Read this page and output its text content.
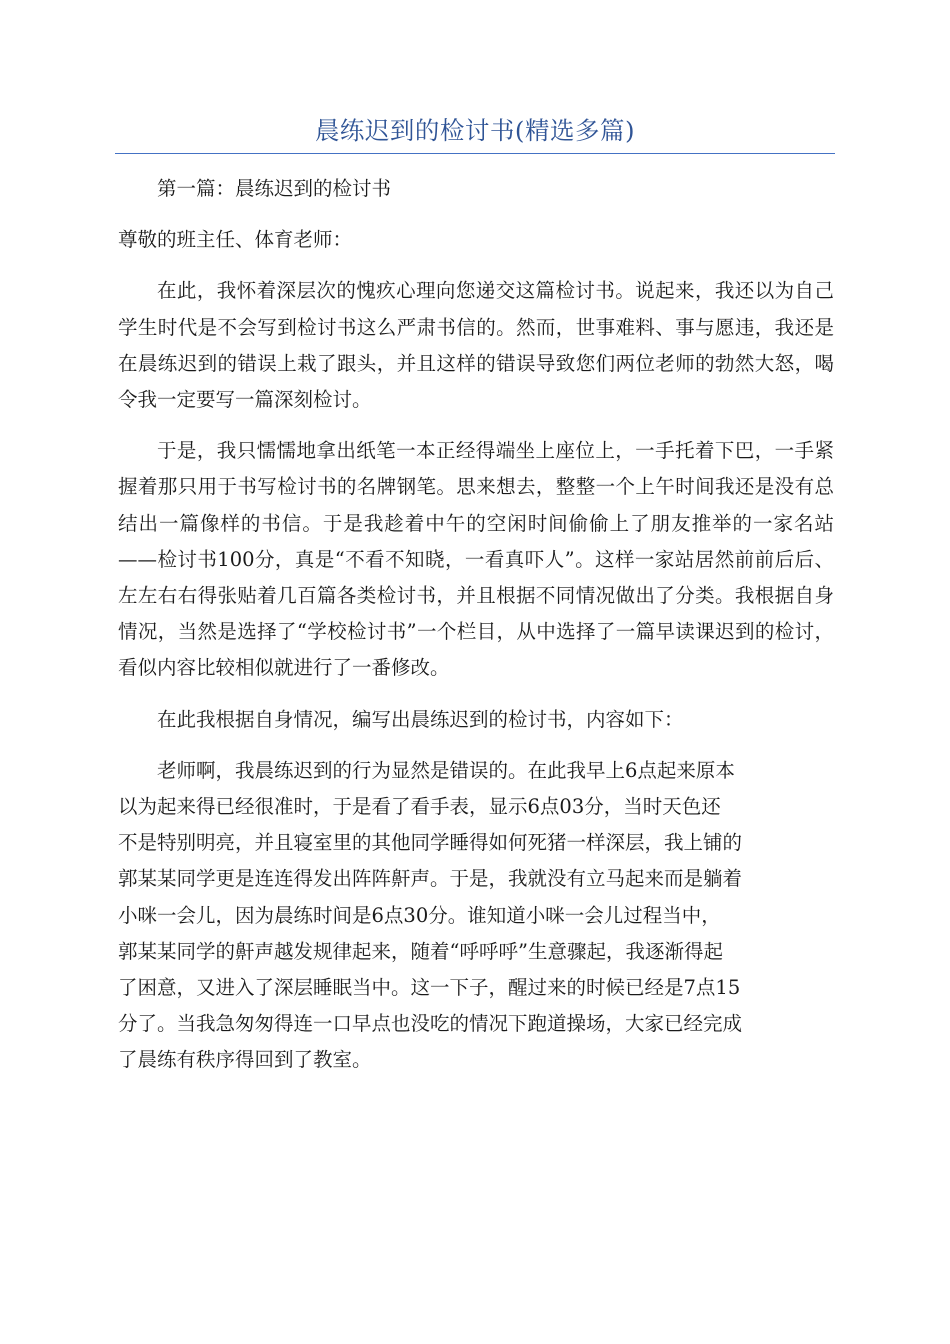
晨练迟到的检讨书(精选多篇)

第一篇：晨练迟到的检讨书

尊敬的班主任、体育老师：

在此，我怀着深层次的愧疚心理向您递交这篇检讨书。说起来，我还以为自己学生时代是不会写到检讨书这么严肃书信的。然而，世事难料、事与愿违，我还是在晨练迟到的错误上栽了跟头，并且这样的错误导致您们两位老师的勃然大怒，喝令我一定要写一篇深刻检讨。

于是，我只懦懦地拿出纸笔一本正经得端坐上座位上，一手托着下巴，一手紧握着那只用于书写检讨书的名牌钢笔。思来想去，整整一个上午时间我还是没有总结出一篇像样的书信。于是我趁着中午的空闲时间偷偷上了朋友推举的一家名站——检讨书100分，真是“不看不知晓，一看真吓人”。这样一家站居然前前后后、左左右右得张贴着几百篇各类检讨书，并且根据不同情况做出了分类。我根据自身情况，当然是选择了“学校检讨书”一个栏目，从中选择了一篇早读课迟到的检讨，看似内容比较相似就进行了一番修改。

在此我根据自身情况，编写出晨练迟到的检讨书，内容如下：

老师啊，我晨练迟到的行为显然是错误的。在此我早上6点起来原本
以为起来得已经很准时，于是看了看手表，显示6点03分，当时天色还
不是特别明亮，并且寝室里的其他同学睡得如何死猪一样深层，我上铺的
郭某某同学更是连连得发出阵阵鼾声。于是，我就没有立马起来而是躺着
小咪一会儿，因为晨练时间是6点30分。谁知道小咪一会儿过程当中，
郭某某同学的鼾声越发规律起来，随着“呼呼呼”生意骤起，我逐渐得起
了困意，又进入了深层睡眠当中。这一下子，醒过来的时候已经是7点15
分了。当我急匆匆得连一口早点也没吃的情况下跑道操场，大家已经完成
了晨练有秩序得回到了教室。
